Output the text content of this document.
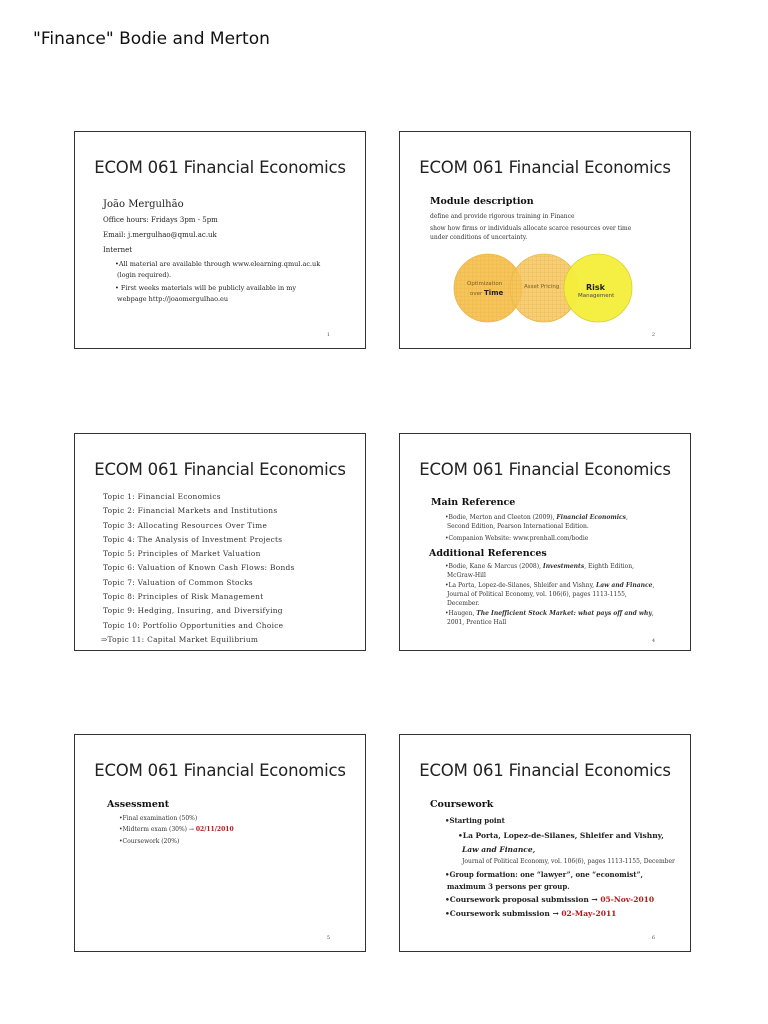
"Finance" Bodie and Merton
ECOM 061 Financial Economics
João Mergulhão
Office hours: Fridays 3pm - 5pm
Email: j.mergulhao@qmul.ac.uk
Internet
•All material are available through www.elearning.qmul.ac.uk
(login required).
• First weeks materials will be publicly available in my
webpage http://joaomergulhao.eu
1
ECOM 061 Financial Economics
Module description
define and provide rigorous training in Finance
show how firms or individuals allocate scarce resources over time
under conditions of uncertainty.
Optimization
over Time
Asset Pricing	Risk
Management
2
ECOM 061 Financial Economics
Topic 1: Financial Economics
Topic 2: Financial Markets and Institutions
Topic 3: Allocating Resources Over Time
Topic 4: The Analysis of Investment Projects
Topic 5: Principles of Market Valuation
Topic 6: Valuation of Known Cash Flows: Bonds
Topic 7: Valuation of Common Stocks
Topic 8: Principles of Risk Management
Topic 9: Hedging, Insuring, and Diversifying
Topic 10: Portfolio Opportunities and Choice
⇒Topic 11: Capital Market Equilibrium
ECOM 061 Financial Economics
Main Reference
•Bodie, Merton and Cleeton (2009), Financial Economics,
Second Edition, Pearson International Edition.
•Companion Website: www.prenhall.com/bodie
Additional References
•Bodie, Kane & Marcus (2008), Investments, Eighth Edition,
McGraw-Hill
•La Porta, Lopez-de-Silanes, Shleifer and Vishny, Law and Finance,
Journal of Political Economy, vol. 106(6), pages 1113-1155,
December.
•Haugen, The Inefficient Stock Market: what pays off and why,
2001, Prentice Hall
4
ECOM 061 Financial Economics
Assessment
•Final examination (50%)
•Midterm exam (30%) → 02/11/2010
•Coursework (20%)
5
ECOM 061 Financial Economics
Coursework
•Starting point
•La Porta, Lopez-de-Silanes, Shleifer and Vishny,
Law and Finance,
Journal of Political Economy, vol. 106(6), pages 1113-1155, December
•Group formation: one “lawyer”, one “economist”,
maximum 3 persons per group.
•Coursework proposal submission → 05-Nov-2010
•Coursework submission → 02-May-2011
6
